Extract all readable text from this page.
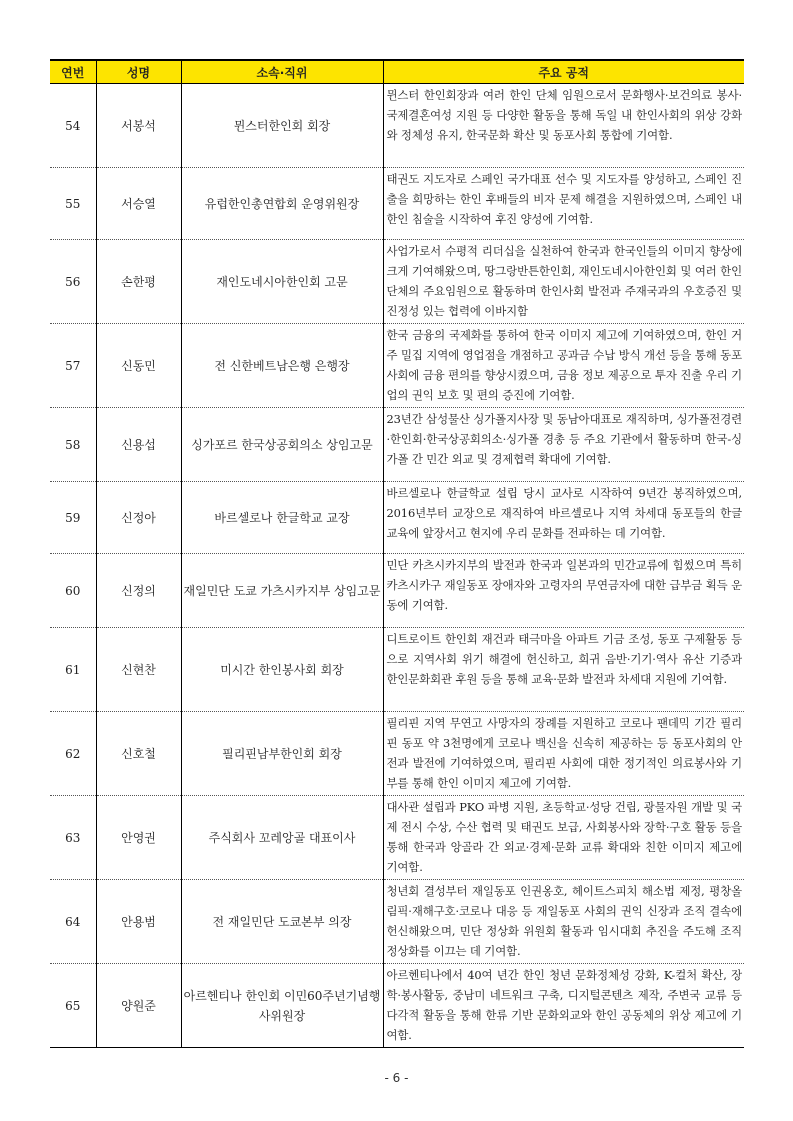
연번	성명	소속·직위	주요 공적
54	서봉석	뮌스터한인회 회장	뮌스터 한인회장과 여러 한인 단체 임원으로서 문화행사·보건의료 봉사·국제결혼여성 지원 등 다양한 활동을 통해 독일 내 한인사회의 위상 강화와 정체성 유지, 한국문화 확산 및 동포사회 통합에 기여함.
55	서승열	유럽한인총연합회 운영위원장	태권도 지도자로 스페인 국가대표 선수 및 지도자를 양성하고, 스페인 진출을 희망하는 한인 후배들의 비자 문제 해결을 지원하였으며, 스페인 내 한인 침술을 시작하여 후진 양성에 기여함.
56	손한평	재인도네시아한인회 고문	사업가로서 수평적 리더십을 실천하여 한국과 한국인들의 이미지 향상에 크게 기여해왔으며, 땅그랑반튼한인회, 재인도네시아한인회 및 여러 한인단체의 주요임원으로 활동하며 한인사회 발전과 주재국과의 우호증진 및 진정성 있는 협력에 이바지함
57	신동민	전 신한베트남은행 은행장	한국 금융의 국제화를 통하여 한국 이미지 제고에 기여하였으며, 한인 거주 밀집 지역에 영업점을 개점하고 공과금 수납 방식 개선 등을 통해 동포사회에 금융 편의를 향상시켰으며, 금융 정보 제공으로 투자 진출 우리 기업의 권익 보호 및 편의 증진에 기여함.
58	신용섭	싱가포르 한국상공회의소 상임고문	23년간 삼성물산 싱가폴지사장 및 동남아대표로 재직하며, 싱가폴전경련·한인회·한국상공회의소·싱가폴 경총 등 주요 기관에서 활동하며 한국-싱가폴 간 민간 외교 및 경제협력 확대에 기여함.
59	신정아	바르셀로나 한글학교 교장	바르셀로나 한글학교 설립 당시 교사로 시작하여 9년간 봉직하였으며, 2016년부터 교장으로 재직하여 바르셀로나 지역 차세대 동포들의 한글 교육에 앞장서고 현지에 우리 문화를 전파하는 데 기여함.
60	신정의	재일민단 도쿄 가츠시카지부 상임고문	민단 카츠시카지부의 발전과 한국과 일본과의 민간교류에 힘썼으며 특히 카츠시카구 재일동포 장애자와 고령자의 무연금자에 대한 급부금 획득 운동에 기여함.
61	신현찬	미시간 한인봉사회 회장	디트로이트 한인회 재건과 태극마을 아파트 기금 조성, 동포 구제활동 등으로 지역사회 위기 해결에 헌신하고, 희귀 음반·기기·역사 유산 기증과 한인문화회관 후원 등을 통해 교육·문화 발전과 차세대 지원에 기여함.
62	신호철	필리핀남부한인회 회장	필리핀 지역 무연고 사망자의 장례를 지원하고 코로나 팬데믹 기간 필리핀 동포 약 3천명에게 코로나 백신을 신속히 제공하는 등 동포사회의 안전과 발전에 기여하였으며, 필리핀 사회에 대한 정기적인 의료봉사와 기부를 통해 한인 이미지 제고에 기여함.
63	안영권	주식회사 꼬레앙골 대표이사	대사관 설립과 PKO 파병 지원, 초등학교·성당 건립, 광물자원 개발 및 국제 전시 수상, 수산 협력 및 태권도 보급, 사회봉사와 장학·구호 활동 등을 통해 한국과 앙골라 간 외교·경제·문화 교류 확대와 친한 이미지 제고에 기여함.
64	안용범	전 재일민단 도쿄본부 의장	청년회 결성부터 재일동포 인권옹호, 헤이트스피치 해소법 제정, 평창올림픽·재해구호·코로나 대응 등 재일동포 사회의 권익 신장과 조직 결속에 헌신해왔으며, 민단 정상화 위원회 활동과 임시대회 추진을 주도해 조직 정상화를 이끄는 데 기여함.
65	양원준	아르헨티나 한인회 이민60주년기념행사위원장	아르헨티나에서 40여 년간 한인 청년 문화정체성 강화, K-컬처 확산, 장학·봉사활동, 중남미 네트워크 구축, 디지털콘텐츠 제작, 주변국 교류 등 다각적 활동을 통해 한류 기반 문화외교와 한인 공동체의 위상 제고에 기여함.
- 6 -
